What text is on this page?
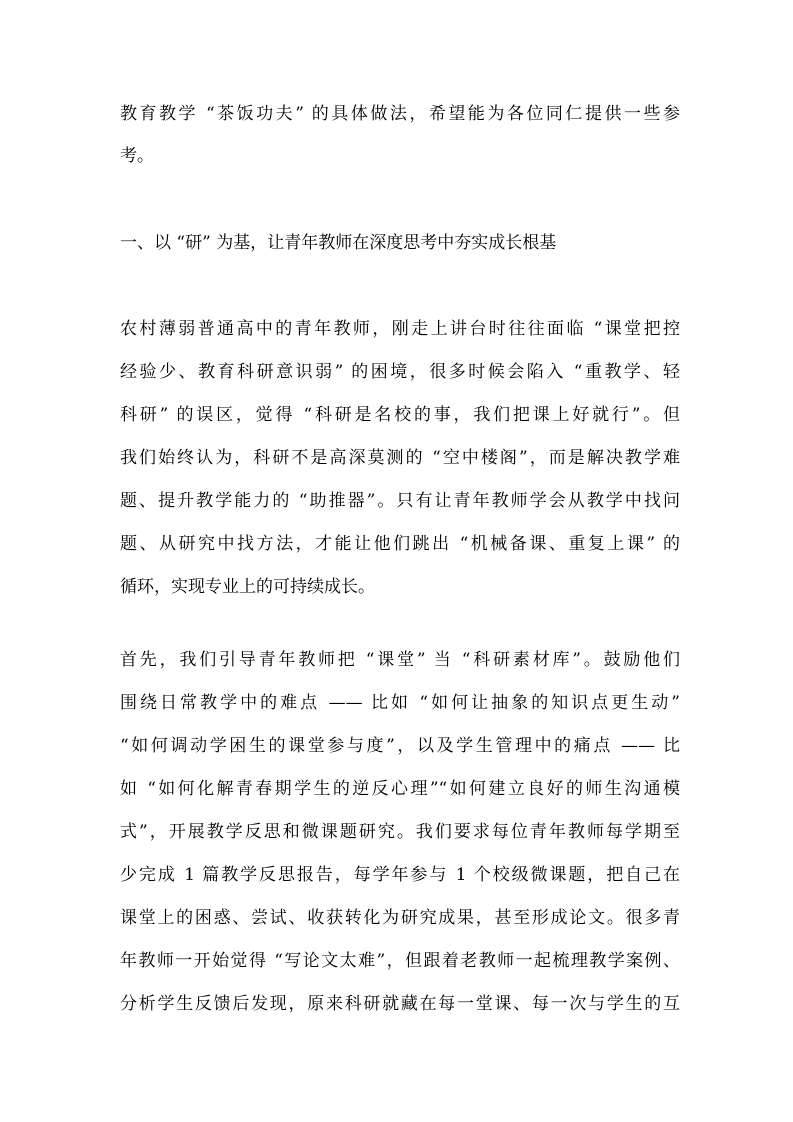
教育教学 “茶饭功夫” 的具体做法，希望能为各位同仁提供一些参
考。
一、以 “研” 为基，让青年教师在深度思考中夯实成长根基
农村薄弱普通高中的青年教师，刚走上讲台时往往面临 “课堂把控
经验少、教育科研意识弱” 的困境，很多时候会陷入 “重教学、轻
科研” 的误区，觉得 “科研是名校的事，我们把课上好就行”。但
我们始终认为，科研不是高深莫测的 “空中楼阁”，而是解决教学难
题、提升教学能力的 “助推器”。只有让青年教师学会从教学中找问
题、从研究中找方法，才能让他们跳出 “机械备课、重复上课” 的
循环，实现专业上的可持续成长。
首先，我们引导青年教师把 “课堂” 当 “科研素材库”。鼓励他们
围绕日常教学中的难点 —— 比如 “如何让抽象的知识点更生动”
“如何调动学困生的课堂参与度”，以及学生管理中的痛点 —— 比
如 “如何化解青春期学生的逆反心理”“如何建立良好的师生沟通模
式”，开展教学反思和微课题研究。我们要求每位青年教师每学期至
少完成 1 篇教学反思报告，每学年参与 1 个校级微课题，把自己在
课堂上的困惑、尝试、收获转化为研究成果，甚至形成论文。很多青
年教师一开始觉得 “写论文太难”，但跟着老教师一起梳理教学案例、
分析学生反馈后发现，原来科研就藏在每一堂课、每一次与学生的互
